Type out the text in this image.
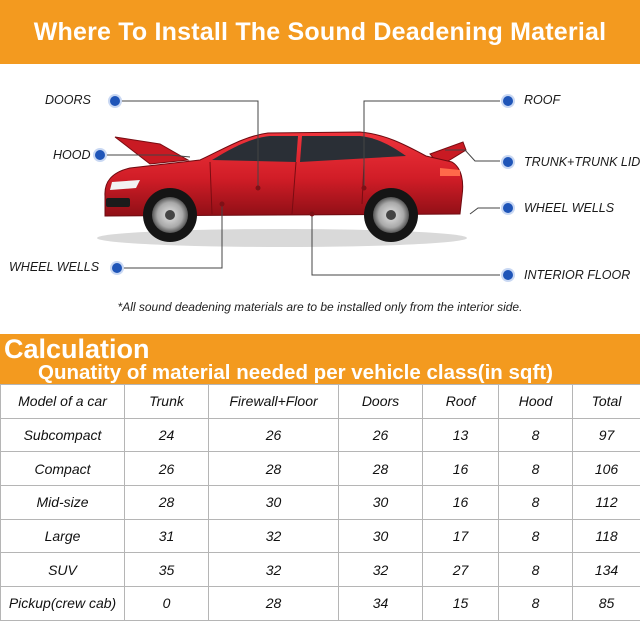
Where To Install The Sound Deadening Material
DOORS
HOOD
WHEEL WELLS
ROOF
TRUNK+TRUNK LID
WHEEL WELLS
INTERIOR FLOOR
*All sound deadening materials are to be installed only from the interior side.
Calculation
Qunatity of material needed per vehicle class(in sqft)
Model of a car	Trunk	Firewall+Floor	Doors	Roof	Hood	Total
Subcompact	24	26	26	13	8	97
Compact	26	28	28	16	8	106
Mid-size	28	30	30	16	8	112
Large	31	32	30	17	8	118
SUV	35	32	32	27	8	134
Pickup(crew cab)	0	28	34	15	8	85
